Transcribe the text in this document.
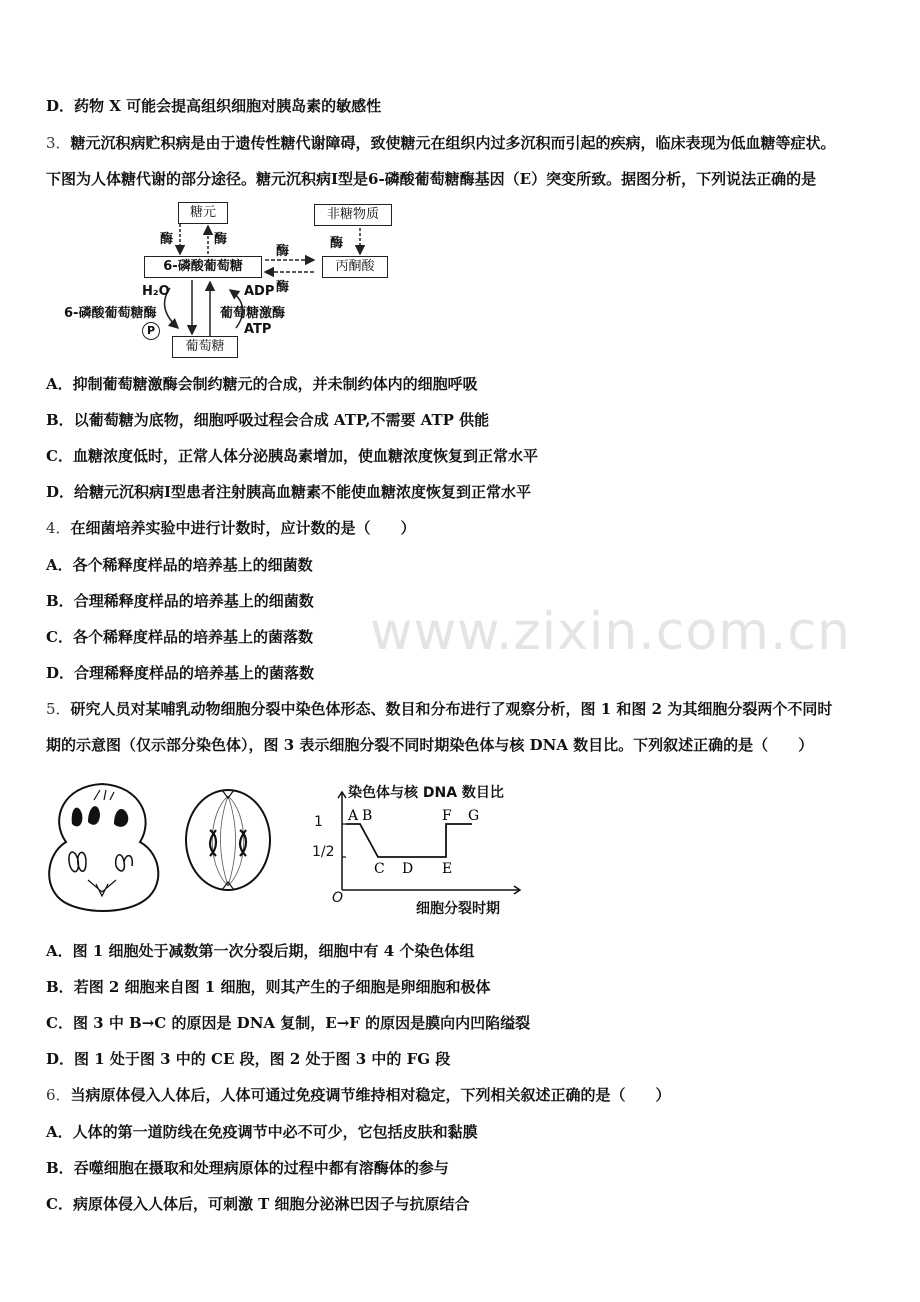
www.zixin.com.cn
D．药物 X 可能会提高组织细胞对胰岛素的敏感性
3．糖元沉积病贮积病是由于遗传性糖代谢障碍，致使糖元在组织内过多沉积而引起的疾病，临床表现为低血糖等症状。
下图为人体糖代谢的部分途径。糖元沉积病I型是6-磷酸葡萄糖酶基因（E）突变所致。据图分析，下列说法正确的是
糖元	非糖物质
6-磷酸葡萄糖	丙酮酸
葡萄糖
酶	酶	酶
酶
酶
H₂O
6-磷酸葡萄糖酶
P
ADP
葡萄糖激酶
ATP
A．抑制葡萄糖激酶会制约糖元的合成，并未制约体内的细胞呼吸
B．以葡萄糖为底物，细胞呼吸过程会合成 ATP,不需要 ATP 供能
C．血糖浓度低时，正常人体分泌胰岛素增加，使血糖浓度恢复到正常水平
D．给糖元沉积病I型患者注射胰高血糖素不能使血糖浓度恢复到正常水平
4．在细菌培养实验中进行计数时，应计数的是（　　）
A．各个稀释度样品的培养基上的细菌数
B．合理稀释度样品的培养基上的细菌数
C．各个稀释度样品的培养基上的菌落数
D．合理稀释度样品的培养基上的菌落数
5．研究人员对某哺乳动物细胞分裂中染色体形态、数目和分布进行了观察分析，图 1 和图 2 为其细胞分裂两个不同时
期的示意图（仅示部分染色体），图 3 表示细胞分裂不同时期染色体与核 DNA 数目比。下列叙述正确的是（　　）
染色体与核 DNA 数目比
1
1/2
O
细胞分裂时期
A B
C D E
F G
A．图 1 细胞处于减数第一次分裂后期，细胞中有 4 个染色体组
B．若图 2 细胞来自图 1 细胞，则其产生的子细胞是卵细胞和极体
C．图 3 中 B→C 的原因是 DNA 复制，E→F 的原因是膜向内凹陷缢裂
D．图 1 处于图 3 中的 CE 段，图 2 处于图 3 中的 FG 段
6．当病原体侵入人体后，人体可通过免疫调节维持相对稳定，下列相关叙述正确的是（　　）
A．人体的第一道防线在免疫调节中必不可少，它包括皮肤和黏膜
B．吞噬细胞在摄取和处理病原体的过程中都有溶酶体的参与
C．病原体侵入人体后，可刺激 T 细胞分泌淋巴因子与抗原结合
